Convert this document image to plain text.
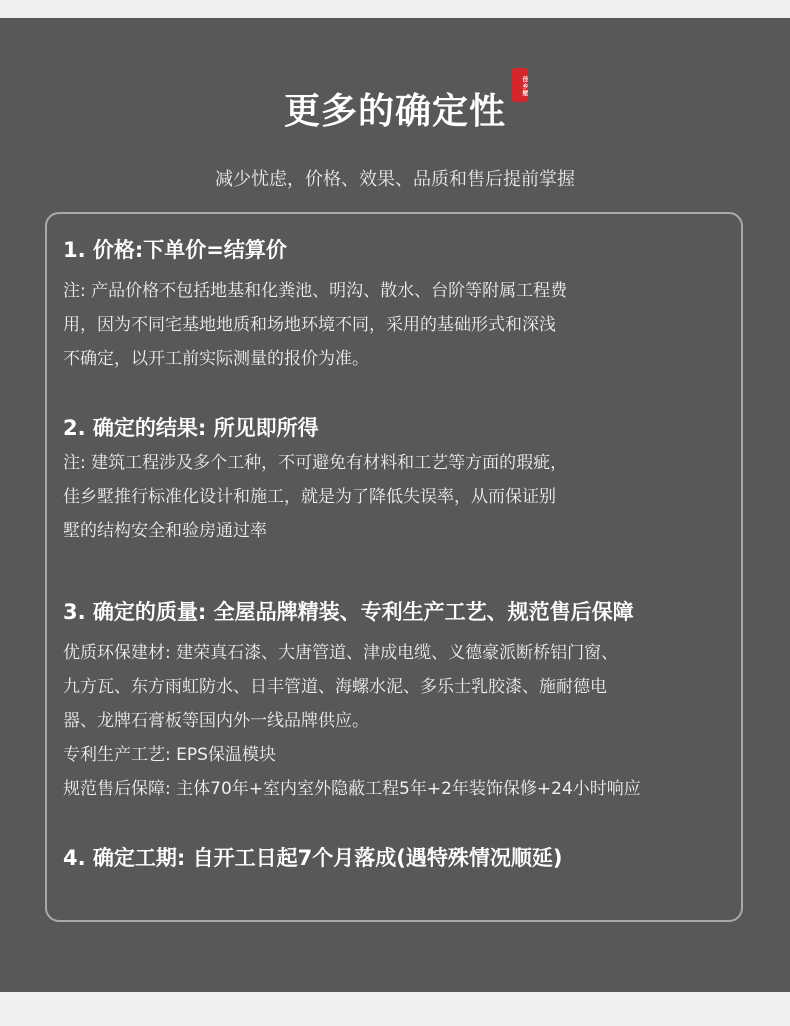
更多的确定性
佳乡墅
减少忧虑，价格、效果、品质和售后提前掌握
1. 价格:下单价=结算价
注: 产品价格不包括地基和化粪池、明沟、散水、台阶等附属工程费
用，因为不同宅基地地质和场地环境不同，采用的基础形式和深浅
不确定，以开工前实际测量的报价为准。
2. 确定的结果: 所见即所得
注: 建筑工程涉及多个工种，不可避免有材料和工艺等方面的瑕疵，
佳乡墅推行标准化设计和施工，就是为了降低失误率，从而保证别
墅的结构安全和验房通过率
3. 确定的质量: 全屋品牌精装、专利生产工艺、规范售后保障
优质环保建材: 建荣真石漆、大唐管道、津成电缆、义德豪派断桥铝门窗、
九方瓦、东方雨虹防水、日丰管道、海螺水泥、多乐士乳胶漆、施耐德电
器、龙牌石膏板等国内外一线品牌供应。
专利生产工艺: EPS保温模块
规范售后保障: 主体70年+室内室外隐蔽工程5年+2年装饰保修+24小时响应
4. 确定工期: 自开工日起7个月落成(遇特殊情况顺延)
